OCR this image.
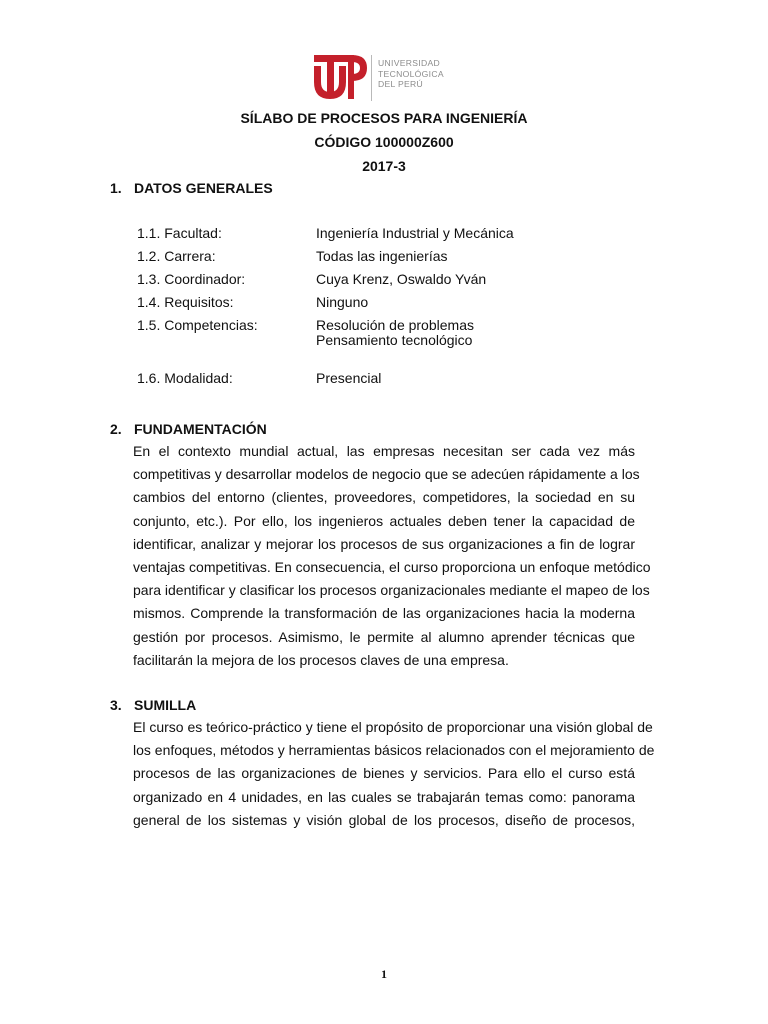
UNIVERSIDAD
TECNOLÓGICA
DEL PERÚ
SÍLABO DE PROCESOS PARA INGENIERÍA
CÓDIGO 100000Z600
2017-3
1. DATOS GENERALES
1.1. Facultad:	Ingeniería Industrial y Mecánica
1.2. Carrera:	Todas las ingenierías
1.3. Coordinador:	Cuya Krenz, Oswaldo Yván
1.4. Requisitos:	Ninguno
1.5. Competencias:	Resolución de problemas
Pensamiento tecnológico
1.6. Modalidad:	Presencial
2. FUNDAMENTACIÓN
En el contexto mundial actual, las empresas necesitan ser cada vez más
competitivas y desarrollar modelos de negocio que se adecúen rápidamente a los
cambios del entorno (clientes, proveedores, competidores, la sociedad en su
conjunto, etc.). Por ello, los ingenieros actuales deben tener la capacidad de
identificar, analizar y mejorar los procesos de sus organizaciones a fin de lograr
ventajas competitivas. En consecuencia, el curso proporciona un enfoque metódico
para identificar y clasificar los procesos organizacionales mediante el mapeo de los
mismos. Comprende la transformación de las organizaciones hacia la moderna
gestión por procesos. Asimismo, le permite al alumno aprender técnicas que
facilitarán la mejora de los procesos claves de una empresa.
3. SUMILLA
El curso es teórico-práctico y tiene el propósito de proporcionar una visión global de
los enfoques, métodos y herramientas básicos relacionados con el mejoramiento de
procesos de las organizaciones de bienes y servicios. Para ello el curso está
organizado en 4 unidades, en las cuales se trabajarán temas como: panorama
general de los sistemas y visión global de los procesos, diseño de procesos,
1
